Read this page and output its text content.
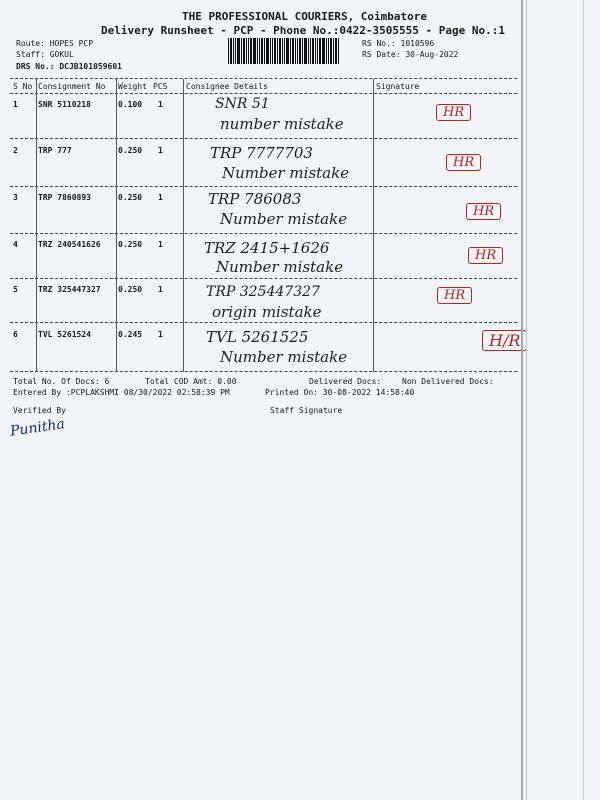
THE PROFESSIONAL COURIERS, Coimbatore
Delivery Runsheet - PCP - Phone No.:0422-3505555 - Page No.:1
Route: HOPES PCP
Staff: GOKUL
DRS No.: DCJB101059601
RS No.: 1010596
RS Date: 30-Aug-2022
S No Consignment No Weight PCS Consignee Details	Signature
1	SNR 5110218	0.100 1	SNR 51
number mistake
HR
2	TRP 777	0.250 1	TRP 7777703
Number mistake
HR
3	TRP 7860893	0.250 1	TRP 786083
Number mistake	HR
4	TRZ 240541626 0.250 1	TRZ 2415+1626
Number mistake
HR
5	TRZ 325447327 0.250 1	TRP 325447327
origin mistake
HR
6	TVL 5261524	0.245 1	TVL 5261525
Number mistake
H/R
Total No. Of Docs: 6	Total COD Amt: 0.00	Delivered Docs:	Non Delivered Docs:
Entered By :PCPLAKSHMI 08/30/2022 02:58:39 PM	Printed On: 30-08-2022 14:58:40
Verified By	Staff Signature
Punitha
